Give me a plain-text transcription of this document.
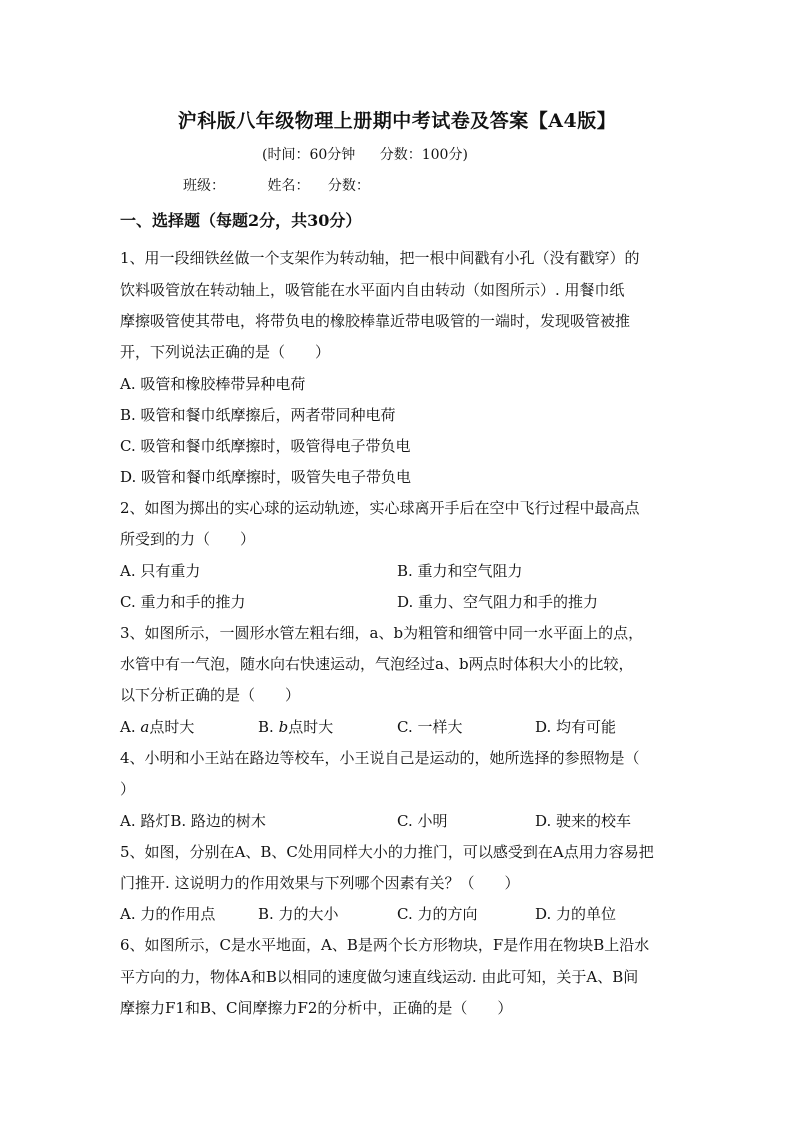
沪科版八年级物理上册期中考试卷及答案【A4版】
(时间：60分钟 分数：100分)
班级：	姓名： 分数：
一、选择题（每题2分，共30分）
1、用一段细铁丝做一个支架作为转动轴，把一根中间戳有小孔（没有戳穿）的
饮料吸管放在转动轴上，吸管能在水平面内自由转动（如图所示）. 用餐巾纸
摩擦吸管使其带电，将带负电的橡胶棒靠近带电吸管的一端时，发现吸管被推
开，下列说法正确的是（　　）
A. 吸管和橡胶棒带异种电荷
B. 吸管和餐巾纸摩擦后，两者带同种电荷
C. 吸管和餐巾纸摩擦时，吸管得电子带负电
D. 吸管和餐巾纸摩擦时，吸管失电子带负电
2、如图为掷出的实心球的运动轨迹，实心球离开手后在空中飞行过程中最高点
所受到的力（　　）
A. 只有重力	B. 重力和空气阻力
C. 重力和手的推力	D. 重力、空气阻力和手的推力
3、如图所示，一圆形水管左粗右细，a、b为粗管和细管中同一水平面上的点，
水管中有一气泡，随水向右快速运动，气泡经过a、b两点时体积大小的比较，
以下分析正确的是（　　）
A. a点时大	B. b点时大	C. 一样大	D. 均有可能
4、小明和小王站在路边等校车，小王说自己是运动的，她所选择的参照物是（
）
A. 路灯B. 路边的树木	C. 小明	D. 驶来的校车
5、如图，分别在A、B、C处用同样大小的力推门，可以感受到在A点用力容易把
门推开. 这说明力的作用效果与下列哪个因素有关？（　　）
A. 力的作用点	B. 力的大小	C. 力的方向	D. 力的单位
6、如图所示，C是水平地面，A、B是两个长方形物块，F是作用在物块B上沿水
平方向的力，物体A和B以相同的速度做匀速直线运动. 由此可知，关于A、B间
摩擦力F1和B、C间摩擦力F2的分析中，正确的是（　　）
